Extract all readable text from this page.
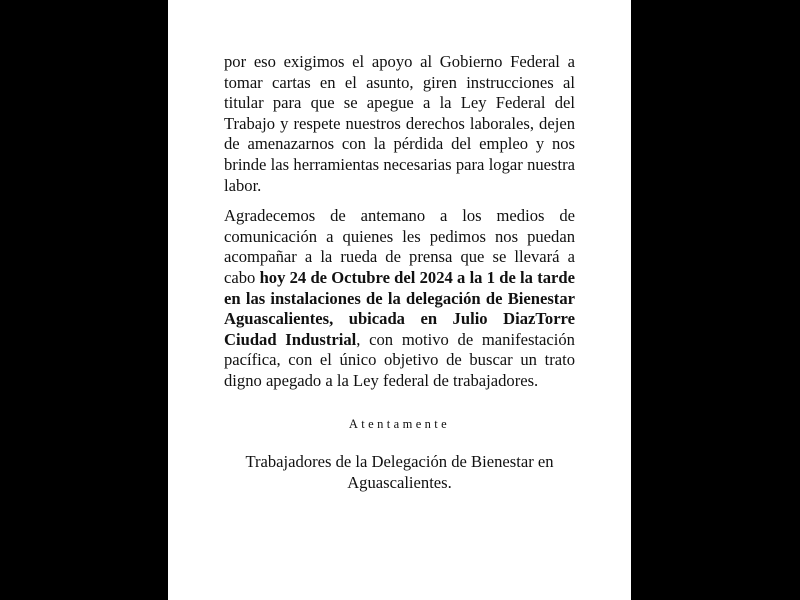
por eso exigimos el apoyo al Gobierno Federal a tomar cartas en el asunto, giren instrucciones al titular para que se apegue a la Ley Federal del Trabajo y respete nuestros derechos laborales, dejen de amenazarnos con la pérdida del empleo y nos brinde las herramientas necesarias para logar nuestra labor.

Agradecemos de antemano a los medios de comunicación a quienes les pedimos nos puedan acompañar a la rueda de prensa que se llevará a cabo hoy 24 de Octubre del 2024 a la 1 de la tarde en las instalaciones de la delegación de Bienestar Aguascalientes, ubicada en Julio DiazTorre Ciudad Industrial, con motivo de manifestación pacífica, con el único objetivo de buscar un trato digno apegado a la Ley federal de trabajadores.

Atentamente
Trabajadores de la Delegación de Bienestar en Aguascalientes.
